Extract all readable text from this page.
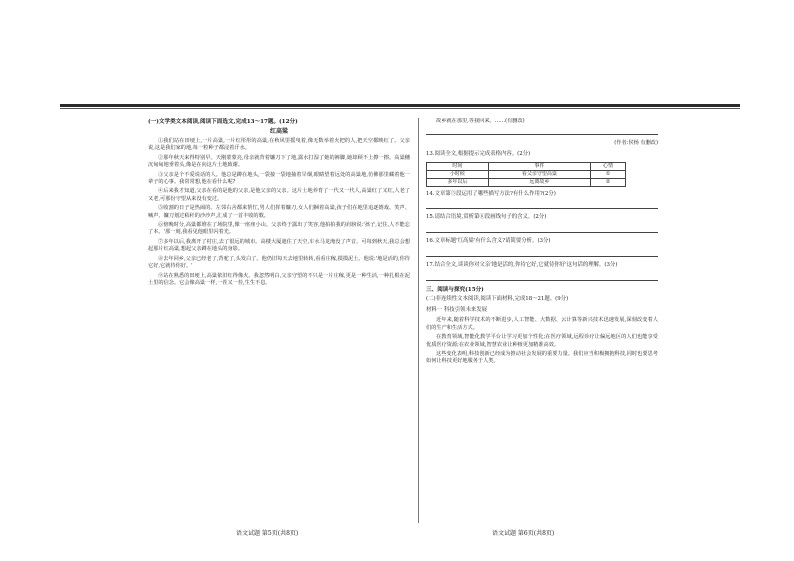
(一)文学类文本阅读,阅读下面选文,完成13～17题。(12分)

红高粱

①我们站在田埂上,一片高粱,一片红彤彤的高粱,在秋风里摇曳着,像无数举着火把的人,把天空都映红了。父亲说,这是我们家的地,每一粒种子都浸着汗水。

②那年秋天来得特别早。天刚蒙蒙亮,母亲就背着镰刀下了地,露水打湿了她的裤脚,她却顾不上擦一擦。高粱穗沉甸甸地垂着头,像是在向这片土地致谢。

③父亲是个不爱说话的人。他总是蹲在地头,一袋接一袋地抽着旱烟,眼睛望着远处的高粱地,仿佛那里藏着他一辈子的心事。我常常想,他在看什么呢?

④后来我才知道,父亲在看的是他的父亲,是他父亲的父亲。这片土地养育了一代又一代人,高粱红了又红,人老了又老,可那份守望从来没有变过。

⑤收割的日子是热闹的。左邻右舍都来帮忙,男人们挥着镰刀,女人们捆着高粱,孩子们在地里追逐嬉戏。笑声、喊声、镰刀划过秸秆的沙沙声,汇成了一首丰收的歌。

⑥傍晚时分,高粱都堆在了场院里,像一座座小山。父亲终于露出了笑容,他拍拍我的肩膀说:'孩子,记住,人不能忘了本。'那一刻,我看见他眼里闪着光。

⑦多年以后,我离开了村庄,去了很远的城市。高楼大厦遮住了天空,车水马龙淹没了声音。可每到秋天,我总会想起那片红高粱,想起父亲蹲在地头的身影。

⑧去年回乡,父亲已经老了,背驼了,头发白了。他仍旧每天去地里转转,看看庄稼,摸摸泥土。他说:'地是活的,你待它好,它就待你好。'

⑨站在熟悉的田埂上,高粱依旧红得像火。我忽然明白,父亲守望的不只是一片庄稼,更是一种生活,一种扎根在泥土里的信念。它会像高粱一样,一茬又一茬,生生不息。

故乡就在那里,等我回来。……(有删改)

(作者:侯杨 有删改)

13.阅读全文,根据提示完成表格内容。(2分)

时间	事件	心情
小时候	看父亲守望高粱	①
多年以后	远离故乡	②

14.文章第⑤段运用了哪些描写方法?有什么作用?(2分)

15.请结合语境,赏析第⑥段画线句子的含义。(2分)

16.文章标题'红高粱'有什么含义?请简要分析。(3分)

17.结合全文,谈谈你对父亲'地是活的,你待它好,它就待你好'这句话的理解。(3分)

三、阅读与探究(15分)

(二)非连续性文本阅读,阅读下面材料,完成18～21题。(9分)

材料一 科技引领未来发展

近年来,随着科学技术的不断进步,人工智能、大数据、云计算等新兴技术迅速发展,深刻改变着人们的生产和生活方式。

在教育领域,智能化教学平台让学习更加个性化;在医疗领域,远程诊疗让偏远地区的人们也能享受优质医疗资源;在农业领域,智慧农业让种植更加精准高效。

这些变化表明,科技创新已经成为推动社会发展的重要力量。我们应当积极拥抱科技,同时也要思考如何让科技更好地服务于人类。

语文试题 第5页(共8页)	语文试题 第6页(共8页)
